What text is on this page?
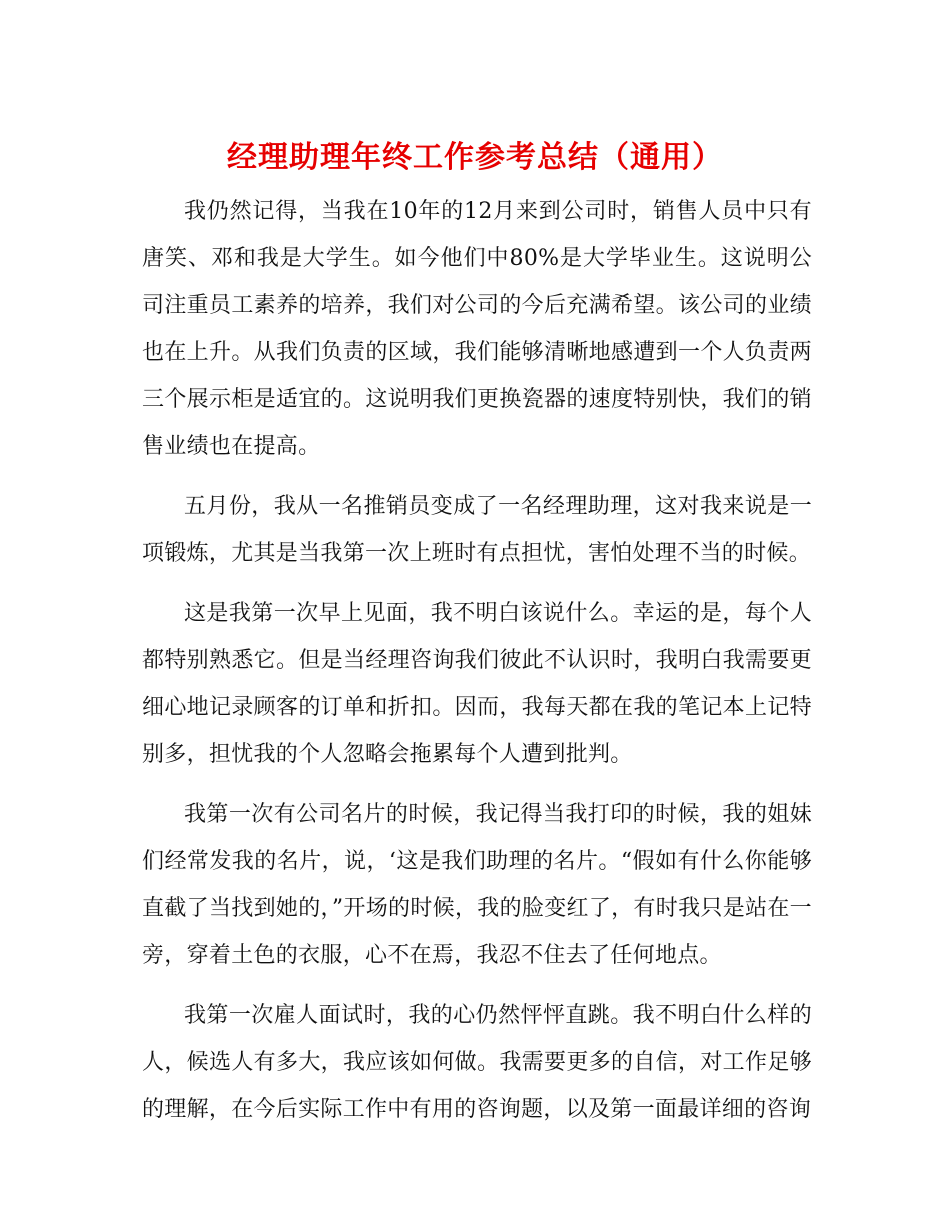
经理助理年终工作参考总结（通用）

我仍然记得，当我在10年的12月来到公司时，销售人员中只有唐笑、邓和我是大学生。如今他们中80%是大学毕业生。这说明公司注重员工素养的培养，我们对公司的今后充满希望。该公司的业绩也在上升。从我们负责的区域，我们能够清晰地感遭到一个人负责两三个展示柜是适宜的。这说明我们更换瓷器的速度特别快，我们的销售业绩也在提高。

五月份，我从一名推销员变成了一名经理助理，这对我来说是一项锻炼，尤其是当我第一次上班时有点担忧，害怕处理不当的时候。

这是我第一次早上见面，我不明白该说什么。幸运的是，每个人都特别熟悉它。但是当经理咨询我们彼此不认识时，我明白我需要更细心地记录顾客的订单和折扣。因而，我每天都在我的笔记本上记特别多，担忧我的个人忽略会拖累每个人遭到批判。

我第一次有公司名片的时候，我记得当我打印的时候，我的姐妹们经常发我的名片，说，‘这是我们助理的名片。“假如有什么你能够直截了当找到她的，”开场的时候，我的脸变红了，有时我只是站在一旁，穿着土色的衣服，心不在焉，我忍不住去了任何地点。

我第一次雇人面试时，我的心仍然怦怦直跳。我不明白什么样的人，候选人有多大，我应该如何做。我需要更多的自信，对工作足够的理解，在今后实际工作中有用的咨询题，以及第一面最详细的咨询
